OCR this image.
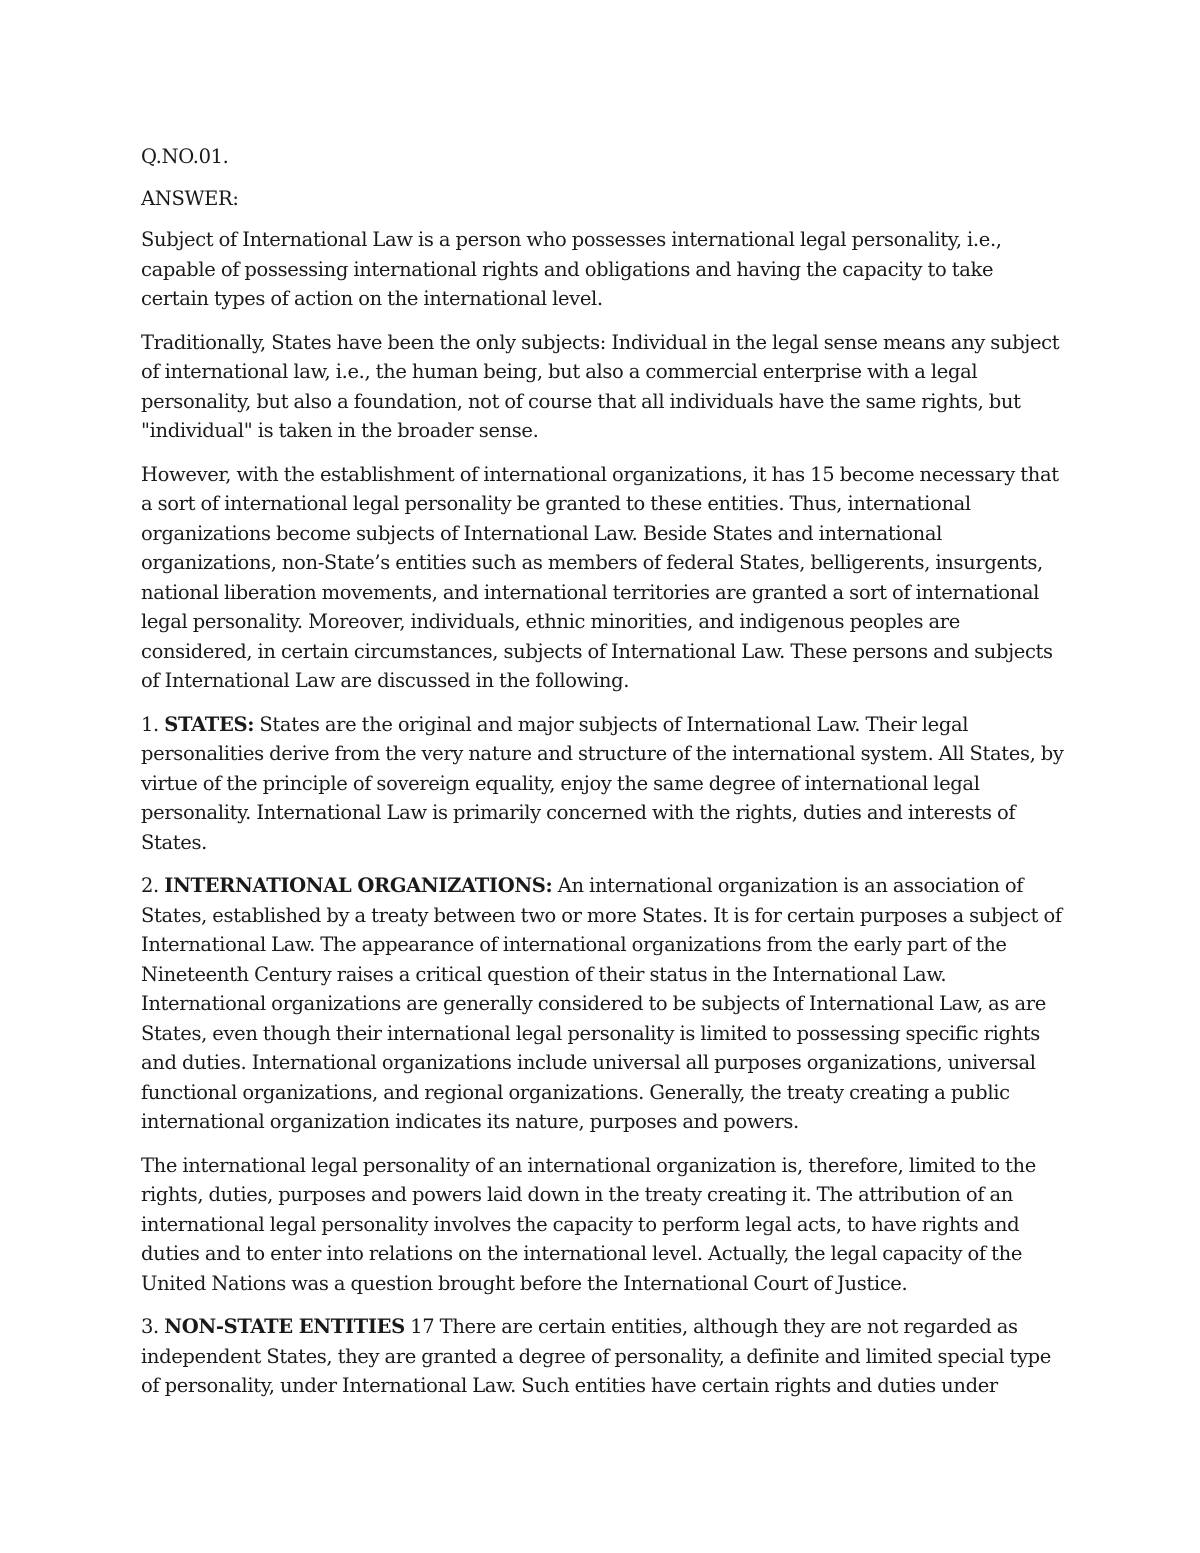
Q.NO.01.

ANSWER:

Subject of International Law is a person who possesses international legal personality, i.e., capable of possessing international rights and obligations and having the capacity to take certain types of action on the international level.

Traditionally, States have been the only subjects: Individual in the legal sense means any subject of international law, i.e., the human being, but also a commercial enterprise with a legal personality, but also a foundation, not of course that all individuals have the same rights, but "individual" is taken in the broader sense.

However, with the establishment of international organizations, it has 15 become necessary that a sort of international legal personality be granted to these entities. Thus, international organizations become subjects of International Law. Beside States and international organizations, non-State’s entities such as members of federal States, belligerents, insurgents, national liberation movements, and international territories are granted a sort of international legal personality. Moreover, individuals, ethnic minorities, and indigenous peoples are considered, in certain circumstances, subjects of International Law. These persons and subjects of International Law are discussed in the following.

1. STATES: States are the original and major subjects of International Law. Their legal personalities derive from the very nature and structure of the international system. All States, by virtue of the principle of sovereign equality, enjoy the same degree of international legal personality. International Law is primarily concerned with the rights, duties and interests of States.

2. INTERNATIONAL ORGANIZATIONS: An international organization is an association of States, established by a treaty between two or more States. It is for certain purposes a subject of International Law. The appearance of international organizations from the early part of the Nineteenth Century raises a critical question of their status in the International Law. International organizations are generally considered to be subjects of International Law, as are States, even though their international legal personality is limited to possessing specific rights and duties. International organizations include universal all purposes organizations, universal functional organizations, and regional organizations. Generally, the treaty creating a public international organization indicates its nature, purposes and powers.

The international legal personality of an international organization is, therefore, limited to the rights, duties, purposes and powers laid down in the treaty creating it. The attribution of an international legal personality involves the capacity to perform legal acts, to have rights and duties and to enter into relations on the international level. Actually, the legal capacity of the United Nations was a question brought before the International Court of Justice.

3. NON-STATE ENTITIES 17 There are certain entities, although they are not regarded as independent States, they are granted a degree of personality, a definite and limited special type of personality, under International Law. Such entities have certain rights and duties under
